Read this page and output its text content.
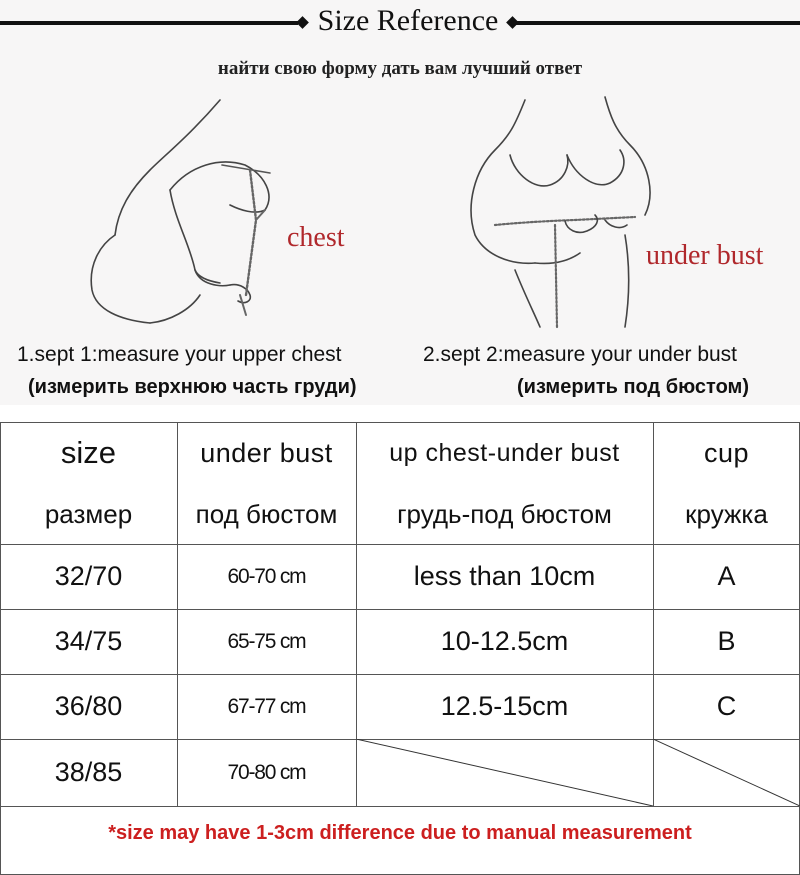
Size Reference
найти свою форму дать вам лучший ответ
chest
under bust
1.sept 1:measure your upper chest
(измерить верхнюю часть груди)
2.sept 2:measure your under bust
(измерить под бюстом)
size	under bust	up chest-under bust	cup
размер	под бюстом	грудь-под бюстом	кружка
32/70	60-70 cm	less than 10cm	A
34/75	65-75 cm	10-12.5cm	B
36/80	67-77 cm	12.5-15cm	C
38/85	70-80 cm
*size may have 1-3cm difference due to manual measurement
